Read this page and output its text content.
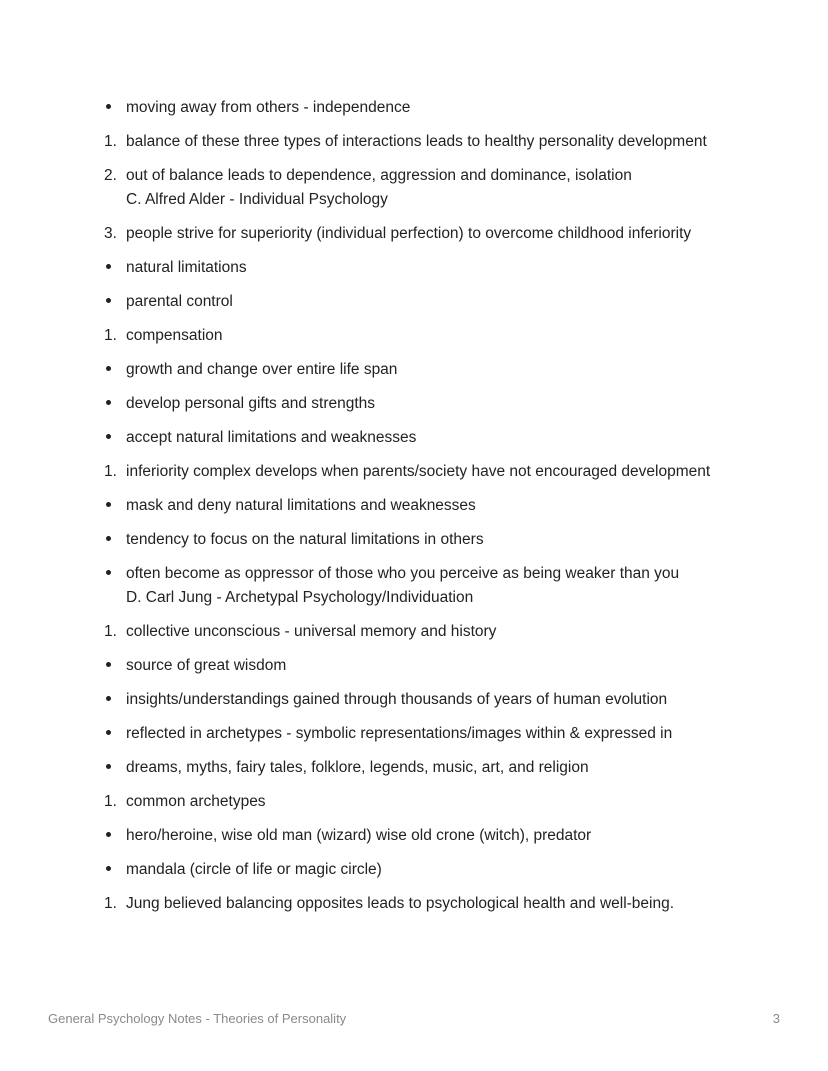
moving away from others - independence
1. balance of these three types of interactions leads to healthy personality development
2. out of balance leads to dependence, aggression and dominance, isolation
C. Alfred Alder - Individual Psychology
3. people strive for superiority (individual perfection) to overcome childhood inferiority
natural limitations
parental control
1. compensation
growth and change over entire life span
develop personal gifts and strengths
accept natural limitations and weaknesses
1. inferiority complex develops when parents/society have not encouraged development
mask and deny natural limitations and weaknesses
tendency to focus on the natural limitations in others
often become as oppressor of those who you perceive as being weaker than you
D. Carl Jung - Archetypal Psychology/Individuation
1. collective unconscious - universal memory and history
source of great wisdom
insights/understandings gained through thousands of years of human evolution
reflected in archetypes - symbolic representations/images within & expressed in
dreams, myths, fairy tales, folklore, legends, music, art, and religion
1. common archetypes
hero/heroine, wise old man (wizard) wise old crone (witch), predator
mandala (circle of life or magic circle)
1. Jung believed balancing opposites leads to psychological health and well-being.
General Psychology Notes - Theories of Personality	3
